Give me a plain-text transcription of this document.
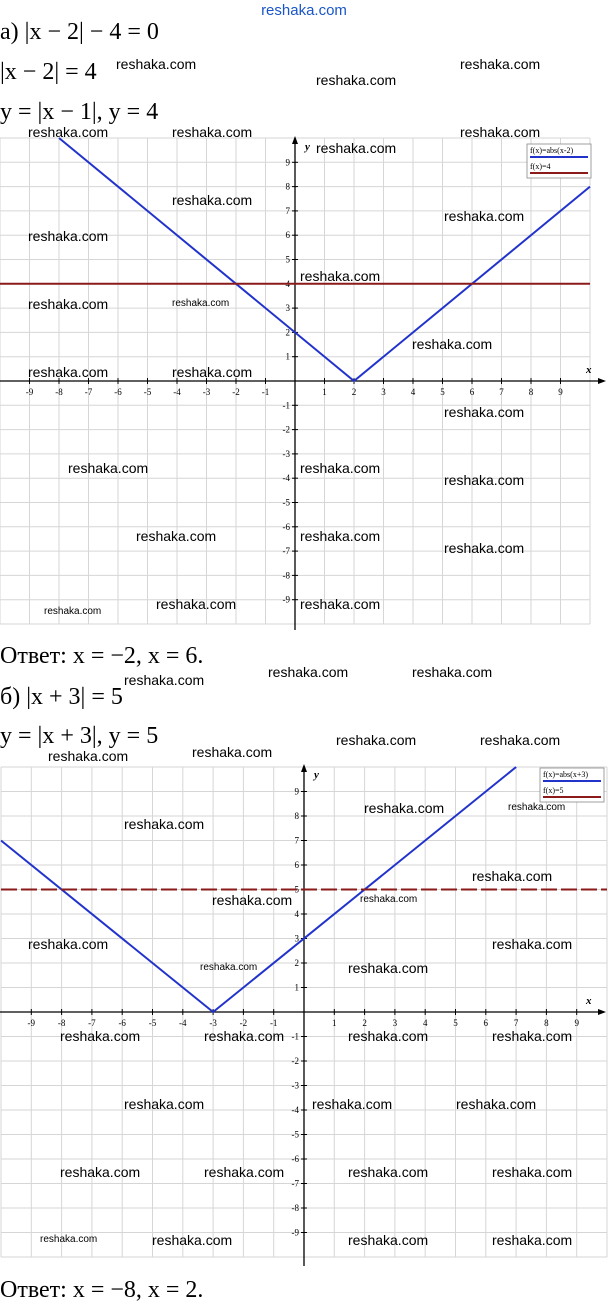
reshaka.com
а) |x − 2| − 4 = 0
|x − 2| = 4
y = |x − 1|, y = 4
x
y
-9 -8 -7 -6 -5 -4 -3 -2 -1	1	2	3	4	5	6	7	8	9
-9
-8
-7
-6
-5
-4
-3
-2
-1
1
2
3
4
5
6
7
8
9
f(x)=abs(x-2)
f(x)=4
Ответ: x = −2, x = 6.
б) |x + 3| = 5
y = |x + 3|, y = 5
x
y
-9	-8	-7	-6	-5	-4	-3	-2	-1	1	2	3	4	5	6	7	8	9
-9
-8
-7
-6
-5
-4
-3
-2
-1
1
2
3
4
5
6
7
8
9
f(x)=abs(x+3)
f(x)=5
Ответ: x = −8, x = 2.
reshaka.com
reshaka.com
reshaka.com
reshaka.com	reshaka.com
reshaka.com
reshaka.com
reshaka.com
reshaka.com
reshaka.com
reshaka.com
reshaka.com	reshaka.com
reshaka.com
reshaka.com	reshaka.com
reshaka.com
reshaka.com	reshaka.com
reshaka.com
reshaka.com	reshaka.com
reshaka.com
reshaka.com	reshaka.com	reshaka.com
reshaka.com	reshaka.com
reshaka.com
reshaka.com	reshaka.com
reshaka.com
reshaka.com
reshaka.com	reshaka.com
reshaka.com
reshaka.com
reshaka.com	reshaka.com
reshaka.com	reshaka.com
reshaka.com	reshaka.com
reshaka.com	reshaka.com	reshaka.com	reshaka.com
reshaka.com	reshaka.com	reshaka.com
reshaka.com	reshaka.com	reshaka.com	reshaka.com
reshaka.com	reshaka.com	reshaka.com	reshaka.com
